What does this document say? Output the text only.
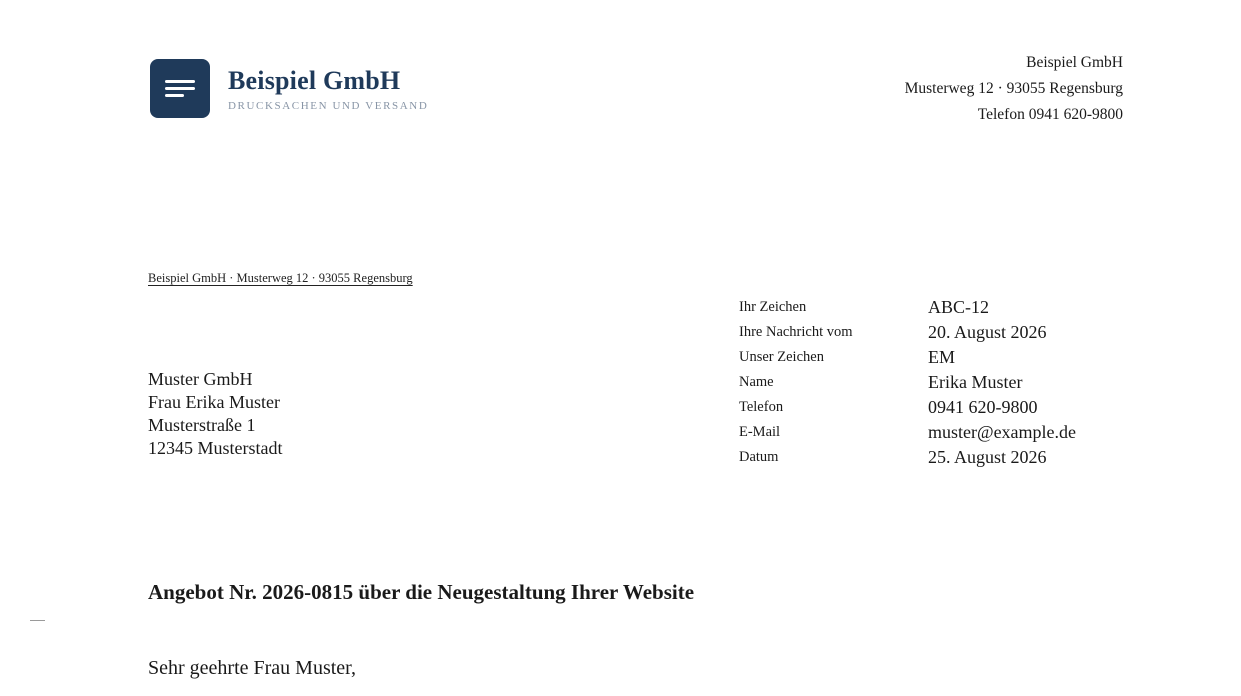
Beispiel GmbH
DRUCKSACHEN UND VERSAND
Beispiel GmbH
Musterweg 12 · 93055 Regensburg
Telefon 0941 620-9800
Beispiel GmbH · Musterweg 12 · 93055 Regensburg
Muster GmbH
Frau Erika Muster
Musterstraße 1
12345 Musterstadt
Ihr Zeichen	ABC-12
Ihre Nachricht vom	20. August 2026
Unser Zeichen	EM
Name	Erika Muster
Telefon	0941 620-9800
E-Mail	muster@example.de
Datum	25. August 2026
Angebot Nr. 2026-0815 über die Neugestaltung Ihrer Website
Sehr geehrte Frau Muster,
